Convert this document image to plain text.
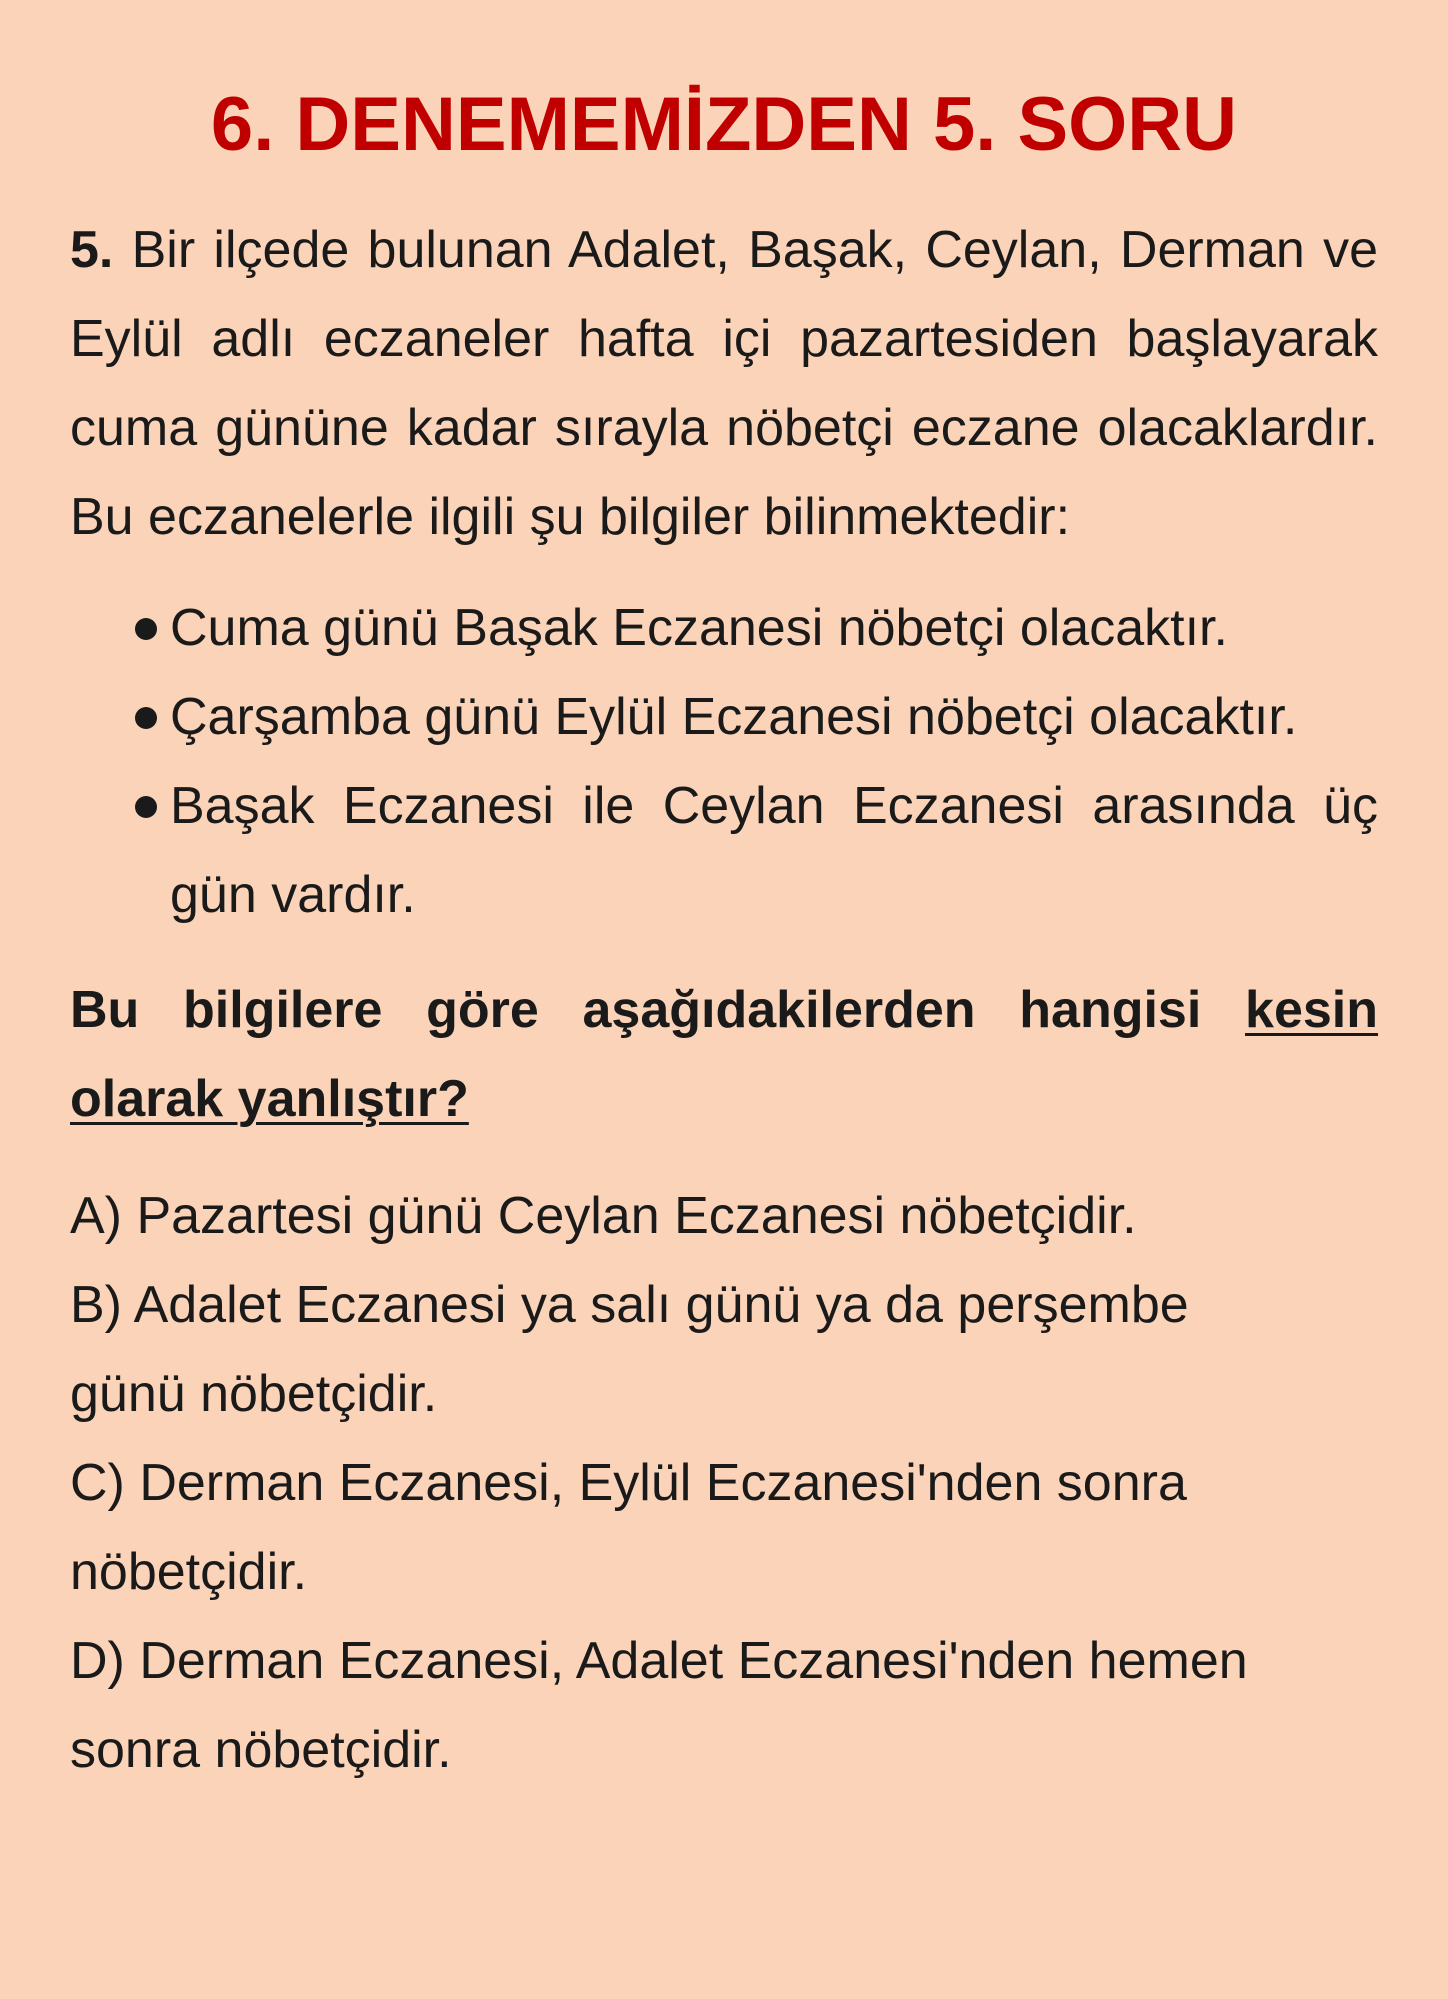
6. DENEMEMİZDEN 5. SORU

5. Bir ilçede bulunan Adalet, Başak, Ceylan, Derman ve Eylül adlı eczaneler hafta içi pazartesiden başlayarak cuma gününe kadar sırayla nöbetçi eczane olacaklardır. Bu eczanelerle ilgili şu bilgiler bilinmektedir:

Cuma günü Başak Eczanesi nöbetçi olacaktır.
Çarşamba günü Eylül Eczanesi nöbetçi olacaktır.
Başak Eczanesi ile Ceylan Eczanesi arasında üç gün vardır.

Bu bilgilere göre aşağıdakilerden hangisi kesin olarak yanlıştır?

A) Pazartesi günü Ceylan Eczanesi nöbetçidir.
B) Adalet Eczanesi ya salı günü ya da perşembe günü nöbetçidir.
C) Derman Eczanesi, Eylül Eczanesi'nden sonra nöbetçidir.
D) Derman Eczanesi, Adalet Eczanesi'nden hemen sonra nöbetçidir.
